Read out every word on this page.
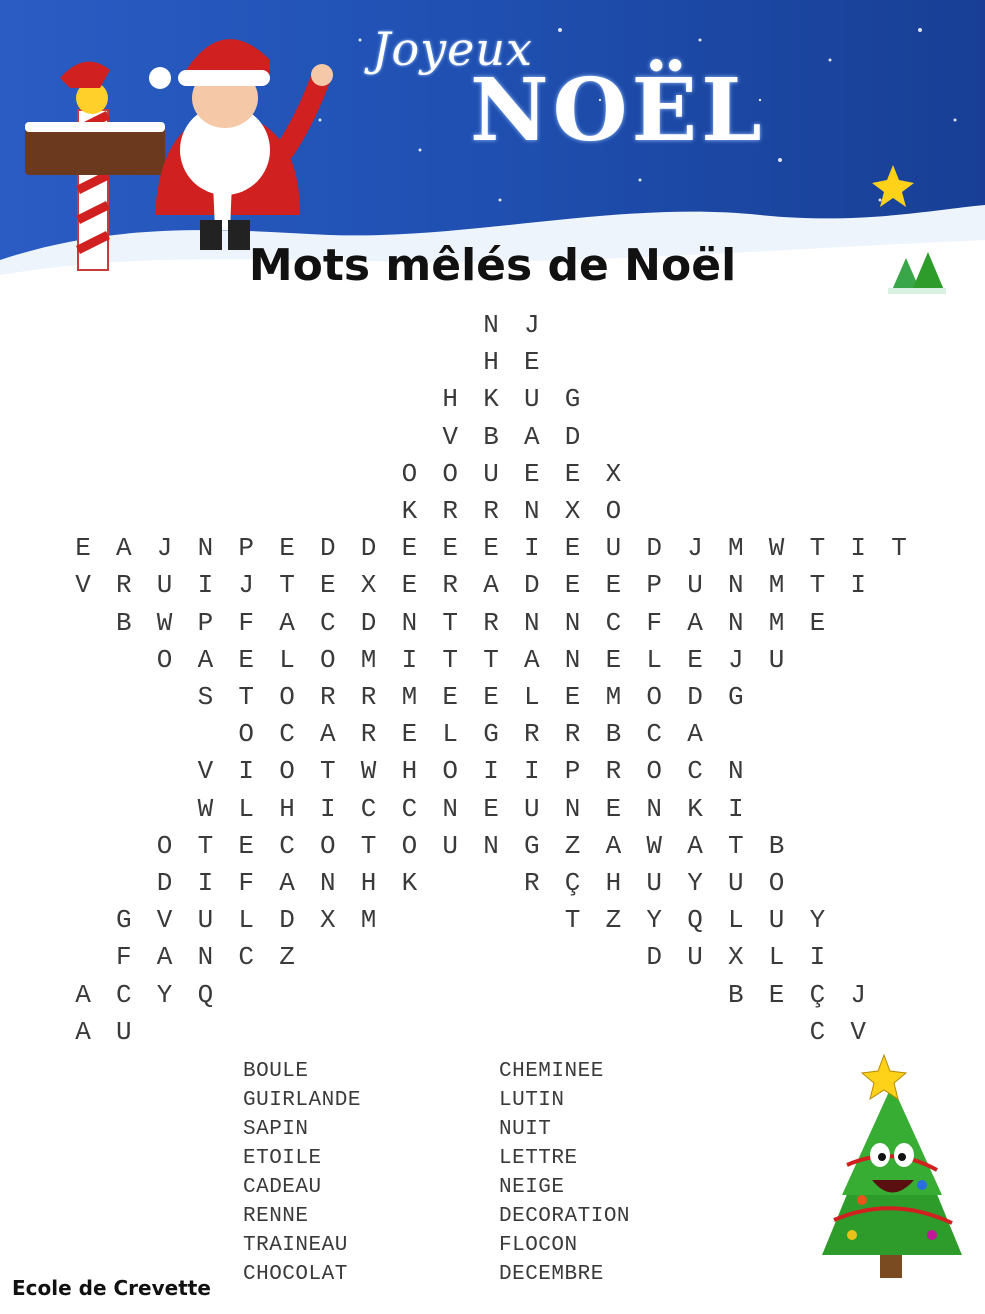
Joyeux
NOËL
Mots mêlés de Noël
N J
H E
H K U G
V B A D
O O U E E X
K R R N X O
E A J N P E D D E E E I E U D J M W T I T
V R U I J T E X E R A D E E P U N M T I
B W P F A C D N T R N N C F A N M E
O A E L O M I T T A N E L E J U
S T O R R M E E L E M O D G
O C A R E L G R R B C A
V I O T W H O I I P R O C N
W L H I C C N E U N E N K I
O T E C O T O U N G Z A W A T B
D I F A N H K	R Ç H U Y U O
G V U L D X M	T Z Y Q L U Y
F A N C Z	D U X L I
A C Y Q	B E Ç J
A U	C V
BOULE
GUIRLANDE
SAPIN
ETOILE
CADEAU
RENNE
TRAINEAU
CHOCOLAT
CHEMINEE
LUTIN
NUIT
LETTRE
NEIGE
DECORATION
FLOCON
DECEMBRE
Ecole de Crevette
